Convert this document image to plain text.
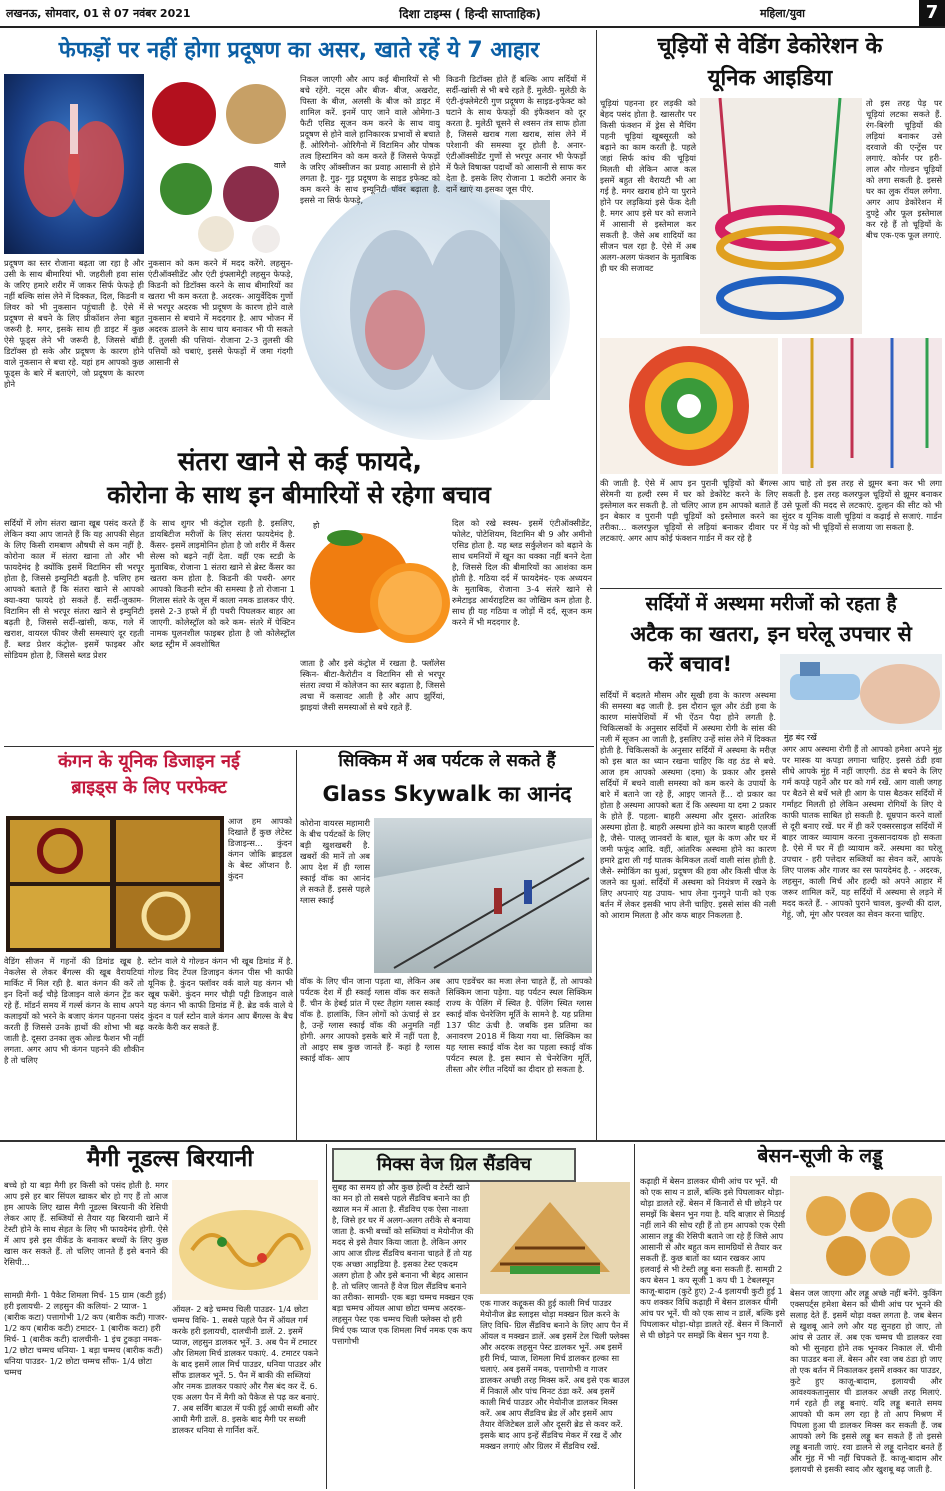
लखनऊ, सोमवार, 01 से 07 नवंबर 2021	दिशा टाइम्स ( हिन्दी साप्ताहिक)	महिला/युवा	7
फेफड़ों पर नहीं होगा प्रदूषण का असर, खाते रहें ये 7 आहार
वाले
प्रदूषण का स्तर रोजाना बढ़ता जा रहा है और उसी के साथ बीमारियां भी. जहरीली हवा सांस के जरिए हमारे शरीर में जाकर सिर्फ फेफड़े ही नहीं बल्कि सांस लेने में दिक्कत, दिल, किडनी व लिवर को भी नुकसान पहुंचाती है. ऐसे में प्रदूषण से बचने के लिए प्रीकॉशन लेना बहुत जरूरी है. मगर, इसके साथ ही डाइट में कुछ ऐसे फूड्स लेने भी जरूरी है, जिससे बॉडी डिटॉक्स हो सके और प्रदूषण के कारण होने वाले नुकसान से बचा रहे. यहां हम आपको कुछ फूड्स के बारे में बताएंगे, जो प्रदूषण के कारण होने
नुकसान को कम करने में मदद करेंगे. लहसुन- एंटीऑक्सीडेंट और एंटी इंफ्लामेट्री लहसुन फेफड़े, किडनी को डिटॉक्स करने के साथ बीमारियों का खतरा भी कम करता है. अदरक- आयुर्वेदिक गुणों से भरपूर अदरक भी प्रदूषण के कारण होने वाले नुकसान से बचाने में मददगार है. आप भोजन में अदरक डालने के साथ चाय बनाकर भी पी सकते हैं. तुलसी की पत्तियां- रोजाना 2-3 तुलसी की पत्तियों को चबाएं, इससे फेफड़ों में जमा गंदगी आसानी से
निकल जाएगी और आप कई बीमारियों से भी बचे रहेंगे. नट्स और बीज- बीज, अखरोट, पिस्ता के बीज, अलसी के बीज को डाइट में शामिल करें. इनमें पाए जाने वाले ओमेगा-3 फैटी एसिड सूजन कम करने के साथ वायु प्रदूषण से होने वाले हानिकारक प्रभावों से बचाते हैं. ओरिगैनो- ओरिगैनो में विटामिन और पोषक तत्व हिस्टामिन को कम करते हैं जिससे फेफड़ों के जरिए ऑक्सीजन का प्रवाह आसानी से होने लगता है. गुड़- गुड़ प्रदूषण के साइड इफेक्ट को कम करने के साथ इम्यूनिटी पॉवर बढ़ाता है. इससे ना सिर्फ फेफड़े,
किडनी डिटॉक्स होते हैं बल्कि आप सर्दियों में सर्दी-खांसी से भी बचे रहते हैं. मुलेठी- मुलेठी के एंटी-इंफ्लेमेटरी गुण प्रदूषण के साइड-इफेक्ट को घटाने के साथ फेफड़ों की इंफैक्शन को दूर करता है. मुलेठी चूसने से श्वसन तंत्र साफ होता है, जिससे खराब गला खराब, सांस लेने में परेशानी की समस्या दूर होती है. अनार- एंटीऑक्सीडेंट गुणों से भरपूर अनार भी फेफड़ों में फैले विषाक्त पदार्थों को आसानी से साफ कर देता है. इसके लिए रोजाना 1 कटोरी अनार के दानें खाएं या इसका जूस पीएं.
संतरा खाने से कई फायदे,
कोरोना के साथ इन बीमारियों से रहेगा बचाव
हो
सर्दियों में लोग संतरा खाना खूब पसंद करते हैं लेकिन क्या आप जानते हैं कि यह आपकी सेहत के लिए किसी रामबाण औषधी से कम नहीं है. कोरोना काल में संतरा खाना तो और भी फायदेमंद है क्योंकि इसमें विटामिन सी भरपूर होता है, जिससे इम्युनिटी बढ़ती है. चलिए हम आपको बताते हैं कि संतरा खाने से आपको क्या-क्या फायदे हो सकते हैं. सर्दी-जुकाम- विटामिन सी से भरपूर संतरा खाने से इम्युनिटी बढ़ती है, जिससे सर्दी-खांसी, कफ, गले में खराश, वायरल फीवर जैसी समस्याएं दूर रहती हैं. ब्लड प्रेशर कंट्रोल- इसमें फाइबर और सोडियम होता है, जिससे ब्लड प्रेशर
के साथ शुगर भी कंट्रोल रहती है. इसलिए, डायबिटीज मरीजों के लिए संतरा फायदेमंद है. कैंसर- इसमें लाइमोनिन होता है जो शरीर में कैंसर सेल्स को बढ़ने नहीं देता. वहीं एक स्टडी के मुताबिक, रोजाना 1 संतरा खाने से ब्रेस्ट कैंसर का खतरा कम होता है. किडनी की पथरी- अगर आपको किडनी स्टोन की समस्या है तो रोजाना 1 गिलास संतरे के जूस में काला नमक डालकर पीएं. इससे 2-3 हफ्ते में ही पथरी पिघलकर बाहर आ जाएगी. कोलेस्ट्रॉल को करे कम- संतरे में पेक्टिन नामक घुलनशील फाइबर होता है जो कोलेस्ट्रॉल ब्लड स्ट्रीम में अवशोषित
जाता है और इसे कंट्रोल में रखता है. फ्लॉलेस स्किन- बीटा-कैरोटीन व विटामिन सी से भरपूर संतरा त्वचा में कोलेजन का स्तर बढ़ाता है, जिससे त्वचा में कसावट आती है और आप झुर्रियां, झाइयां जैसी समस्याओं से बचे रहते हैं.
दिल को रखे स्वस्थ- इसमें एंटीऑक्सीडेंट, फोलेट, पोटेशियम, विटामिन बी 9 और अमीनो एसिड होता है. यह ब्लड सर्कुलेशन को बढ़ाने के साथ धमनियों में खून का थक्का नहीं बनने देता है, जिससे दिल की बीमारियों का आशंका कम होती है. गठिया दर्द में फायदेमंद- एक अध्ययन के मुताबिक, रोजाना 3-4 संतरे खाने से रुमेटाइड आर्थराइटिस का जोखिम कम होता है. साथ ही यह गठिया व जोड़ों में दर्द, सूजन कम करने में भी मददगार है.
कंगन के यूनिक डिजाइन नई
ब्राइड्स के लिए परफेक्ट
आज हम आपको दिखाते हैं कुछ लेटेस्ट डिजाइन्स... कुंदन कंगन जोकि ब्राइडल के बेस्ट ऑप्शन है. कुंदन
वेडिंग सीजन में गहनों की डिमांड खूब है. नेकलेस से लेकर बैंगल्स की खूब वैरायटियां मार्किट में मिल रही है. बात कंगन की करें तो इन दिनों कई चौड़े डिजाइन वाले कंगन ट्रेंड कर रहे हैं. मॉडर्न समय में गर्ल्स कंगन के साथ अपने कलाइयों को भरने के बजाए कंगन पहनना पसंद करती हैं जिससे उनके हाथों की शोभा भी बढ़ जाती है. दूसरा उनका लुक ओल्ड फैशन भी नहीं लगता. अगर आप भी कंगन पहनने की शौकीन है तो चलिए
स्टोन वाले ये गोल्डन कंगन भी खूब डिमांड में है. गोल्ड विद टेंपल डिजाइन कंगन पीस भी काफी यूनिक है. कुंदन फ्लॉवर वर्क वाले यह कंगन भी खूब फबेंगे. कुंदन मगर चौड़ी पट्टी डिजाइन वाले यह कंगन भी काफी डिमांड में है. ब्रेड वर्क वाले ये कुंदन व पर्ल स्टोन वाले कंगन आप बैंगल्स के बैच करके कैरी कर सकते हैं.
सिक्किम में अब पर्यटक ले सकते हैं
Glass Skywalk का आनंद
कोरोना वायरस महामारी के बीच पर्यटकों के लिए बड़ी खुशखबरी है. खबरों की मानें तो अब आप देश में ही ग्लास स्काई वॉक का आनंद ले सकते हैं. इससे पहले ग्लास स्काई
वॉक के लिए चीन जाना पड़ता था, लेकिन अब पर्यटक देश में ही स्काई ग्लास वॉक कर सकते हैं. चीन के हेबई प्रांत में एस्ट तैहांग ग्लास स्काई वॉक है. हालांकि, जिन लोगों को ऊंचाई से डर है, उन्हें ग्लास स्काई वॉक की अनुमति नहीं होगी. अगर आपको इसके बारे में नहीं पता है, तो आइए सब कुछ जानते हैं- कहां है ग्लास स्काई वॉक- आप
आप एडवेंचर का मजा लेना चाहते हैं, तो आपको सिक्किम जाना पड़ेगा. यह पर्यटन स्थल सिक्किम राज्य के पेलिंग में स्थित है. पेलिंग स्थित ग्लास स्काई वॉक चेनरेजिग मूर्ति के सामने है. यह प्रतिमा 137 फीट ऊंची है. जबकि इस प्रतिमा का अनावरण 2018 में किया गया था. सिक्किम का यह ग्लास स्काई वॉक देश का पहला स्काई वॉक पर्यटन स्थल है. इस स्थान से चेनरेजिग मूर्ति, तीस्ता और रंगीत नदियों का दीदार हो सकता है.
चूड़ियों से वेडिंग डेकोरेशन के
यूनिक आइडिया
चूड़ियां पहनना हर लड़की को बेहद पसंद होता है. खासतौर पर किसी फंक्शन में ड्रेस से मैचिंग पहनी चूड़ियां खूबसूरती को बढ़ाने का काम करती है. पहले जहां सिर्फ कांच की चूड़ियां मिलती थी लेकिन आज कल इसमें बहुत सी वैरायटी भी आ गई है. मगर खराब होने या पुराने होने पर लड़कियां इसे फेंक देती है. मगर आप इसे घर को सजाने में आसानी से इस्तेमाल कर सकती है. जैसे अब शादियों का सीजन चल रहा है. ऐसे में अब अलग-अलग फंक्शन के मुताबिक ही घर की सजावट
तो इस तरह पेड़ पर चूड़ियां लटका सकते हैं. रंग-बिरंगी चूड़ियों की लड़ियां बनाकर उसे दरवाजे की एन्ट्रेंस पर लगाएं. कोर्नर पर हरी-लाल और गोल्डन चूड़ियों को लगा सकती है. इससे घर का लुक रॉयल लगेगा. अगर आप डेकोरेशन में दुपट्टे और फूल इस्तेमाल कर रहे हैं तो चूड़ियों के बीच एक-एक फूल लगाएं.
की जाती है. ऐसे में आप इन पुरानी चूड़ियों को बैंगल्स सेरेमनी या हल्दी रस्म में घर को डेकोरेट करने के लिए इस्तेमाल कर सकती है. तो चलिए आज हम आपको बताते हैं इन बेकार व पुरानी पड़ी चूड़ियों को इस्तेमाल करने का तरीका... कलरफुल चूड़ियों से लड़ियां बनाकर दीवार पर लटकाएं. अगर आप कोई फंक्शन गार्डन में कर रहे है
आप चाहे तो इस तरह से झूमर बना कर भी लगा सकती है. इस तरह कलरफुल चूड़ियों से झूमर बनाकर उसे फूलों की मदद से लटकाएं. दुल्हन की सीट को भी सुंदर व यूनिक वाली चूड़ियां व कढ़ाई से सजाएं. गार्डन में पेड़ को भी चूड़ियों से सजाया जा सकता है.
सर्दियों में अस्थमा मरीजों को रहता है
अटैक का खतरा, इन घरेलू उपचार से
करें बचाव!
मुंह बंद रखें
सर्दियों में बदलते मौसम और सूखी हवा के कारण अस्थमा की समस्या बढ़ जाती है. इस दौरान धूल और ठंडी हवा के कारण मांसपेशियों में भी ऐंठन पैदा होने लगती है. चिकित्सकों के अनुसार सर्दियों में अस्थमा रोगी के सांस की नली में सूजन आ जाती है, इसलिए उन्हें सांस लेने में दिक्कत होती है. चिकित्सकों के अनुसार सर्दियों में अस्थमा के मरीज़ को इस बात का ध्यान रखना चाहिए कि वह ठंड से बचे. आज हम आपको अस्थमा (दमा) के प्रकार और इससे सर्दियों में बचने वाली समस्या को कम करने के उपायों के बारे में बताने जा रहे हैं, आइए जानते हैं... दो प्रकार का होता है अस्थमा आपको बता दें कि अस्थमा या दमा 2 प्रकार के होते हैं. पहला- बाहरी अस्थमा और दूसरा- आंतरिक अस्थमा होता है. बाहरी अस्थमा होने का कारण बाहरी एलर्जी है, जैसे- पालतू जानवरों के बाल, धूल के कण और घर में जमी फफूंद आदि. वहीं, आंतरिक अस्थमा होने का कारण हमारे द्वारा ली गई घातक केमिकल तत्वों वाली सांस होती है. जैसे- स्मोकिंग का धुआं, प्रदूषण की हवा और किसी चीज के जलने का धुआं. सर्दियों में अस्थमा को नियंत्रण में रखने के लिए अपनाएं यह उपाय- भाप लेना गुनगुने पानी को एक बर्तन में लेकर इसकी भाप लेनी चाहिए. इससे सांस की नली को आराम मिलता है और कफ बाहर निकलता है.
अगर आप अस्थमा रोगी हैं तो आपको हमेशा अपने मुंह पर मास्क या कपड़ा लगाना चाहिए. इससे ठंडी हवा सीधे आपके मुंह में नहीं जाएगी. ठंड से बचने के लिए गर्म कपड़े पहनें और घर को गर्म रखें. आग वाली जगह पर बैठने से बचें भले ही आग के पास बैठकर सर्दियों में गर्माहट मिलती हो लेकिन अस्थमा रोगियों के लिए ये काफी घातक साबित हो सकती है. धूम्रपान करने वालों से दूरी बनाए रखें. घर में ही करें एक्सरसाइज सर्दियों में बाहर जाकर व्यायाम करना नुकसानदायक हो सकता है. ऐसे में घर में ही व्यायाम करें. अस्थमा का घरेलू उपचार - हरी पत्तेदार सब्जियों का सेवन करें, आपके लिए पालक और गाजर का रस फायदेमंद है. - अदरक, लहसुन, काली मिर्च और हल्दी को अपने आहार में जरूर शामिल करें, यह सर्दियों में अस्थमा से लड़ने में मदद करते हैं. - आपको पुराने चावल, कुल्थी की दाल, गेहूं, जौ, मूंग और परवल का सेवन करना चाहिए.
मैगी नूडल्स बिरयानी
बच्चे हो या बड़ा मैगी हर किसी को पसंद होती है. मगर आप इसे हर बार सिंपल खाकर बोर हो गए हैं तो आज हम आपके लिए खास मैगी नूडल्स बिरयानी की रेसिपी लेकर आए हैं. सब्जियों से तैयार यह बिरयानी खाने में टेस्टी होने के साथ सेहत के लिए भी फायदेमंद होगी. ऐसे में आप इसे इस वीकेंड के बनाकर बच्चों के लिए कुछ खास कर सकते हैं. तो चलिए जानते हैं इसे बनाने की रेसिपी...
सामग्री मैगी- 1 पैकेट शिमला मिर्च- 15 ग्राम (कटी हुई) हरी इलायची- 2 लहसुन की कलियां- 2 प्याज- 1 (बारीक कटा) पत्तागोभी 1/2 कप (बारीक कटी) गाजर- 1/2 कप (बारीक कटी) टमाटर- 1 (बारीक कटा) हरी मिर्च- 1 (बारीक कटी) दालचीनी- 1 इंच टुकड़ा नमक- 1/2 छोटा चम्मच धनिया- 1 बड़ा चम्मच (बारीक कटी) धनिया पाउडर- 1/2 छोटा चम्मच सौंफ- 1/4 छोटा चम्मच
ऑयल- 2 बड़े चम्मच चिली पाउडर- 1/4 छोटा चम्मच विधि- 1. सबसे पहले पैन में ऑयल गर्म करके हरी इलायची, दालचीनी डालें. 2. इसमें प्याज, लहसुन डालकर भूनें. 3. अब पैन में टमाटर और शिमला मिर्च डालकर पकाएं. 4. टमाटर पकने के बाद इसमें लाल मिर्च पाउडर, धनिया पाउडर और सौंफ डालकर भूनें. 5. पैन में बाकी की सब्जियां और नमक डालकर पकाएं और गैस बंद कर दें. 6. एक अलग पैन में मैगी को पैकेज से पढ़ कर बनाएं. 7. अब सर्विंग बाउल में पकी हुई आधी सब्जी और आधी मैगी डालें. 8. इसके बाद मैगी पर सब्जी डालकर धनिया से गार्निश करें.
मिक्स वेज ग्रिल सैंडविच
सुबह का समय हो और कुछ हेल्दी व टेस्टी खाने का मन हो तो सबसे पहले सैंडविच बनाने का ही ख्याल मन में आता है. सैंडविच एक ऐसा नाश्ता है, जिसे हर घर में अलग-अलग तरीके से बनाया जाता है. कभी बच्चों को सब्जियां व मेयोनीज की मदद से इसे तैयार किया जाता है. लेकिन अगर आप आज ग्रील्ड सैंडविच बनाना चाहते हैं तो यह एक अच्छा आइडिया है. इसका टेस्ट एकदम अलग होता है और इसे बनाना भी बेहद आसान है. तो चलिए जानते हैं वेज ग्रिल सैंडविच बनाने का तरीका- सामग्री- एक बड़ा चम्मच मक्खन एक बड़ा चम्मच ऑयल आधा छोटा चम्मच अदरक-लहसुन पेस्ट एक चम्मच चिली फ्लेक्स दो हरी मिर्च एक प्याज एक शिमला मिर्च नमक एक कप पत्तागोभी
एक गाजर कद्दूकस की हुई काली मिर्च पाउडर मेयोनीज ब्रेड स्लाइस थोड़ा मक्खन ग्रिल करने के लिए विधि- ग्रिल सैंडविच बनाने के लिए आप पैन में ऑयल व मक्खन डालें. अब इसमें टेल चिली फ्लेक्स और अदरक लहसुन पेस्ट डालकर भूनें. अब इसमें हरी मिर्च, प्याज, शिमला मिर्च डालकर हल्का सा चलाएं. अब इसमें नमक, पत्तागोभी व गाजर डालकर अच्छी तरह मिक्स करें. अब इसे एक बाउल में निकालें और पांच मिनट ठंडा करें. अब इसमें काली मिर्च पाउडर और मेयोनीज डालकर मिक्स करें. अब आप सैंडविच ब्रेड लें और इसमें आप तैयार वेजिटेबल डालें और दूसरी ब्रेड से कवर करें. इसके बाद आप इन्हें सैंडविच मेकर में रख दें और मक्खन लगाएं और ग्रिलर में सैंडविच रखें.
बेसन-सूजी के लड्डू
कढ़ाही में बेसन डालकर धीमी आंच पर भूनें. थी को एक साथ न डालें, बल्कि इसे पिघलाकर थोड़ा-थोड़ा डालते रहें. बेसन में किनारों से घी छोड़ने पर समझें कि बेसन भुन गया है. यदि बाज़ार से मिठाई नहीं लाने की सोच रही हैं तो हम आपको एक ऐसी आसान लड्डू की रेसिपी बताने जा रहे हैं जिसे आप आसानी से और बहुत कम सामग्रियों से तैयार कर सकती हैं. कुछ बातों का ध्यान रखकर आप हलवाई से भी टेस्टी लड्डू बना सकती हैं. सामग्री 2 कप बेसन 1 कप सूजी 1 कप घी 1 टेबलस्पून काजू-बादाम (कुटे हुए) 2-4 इलायची कुटी हुई 1 कप शक्कर विधि कढ़ाही में बेसन डालकर धीमी आंच पर भूनें. घी को एक साथ न डालें, बल्कि इसे पिघलाकर थोड़ा-थोड़ा डालते रहें. बेसन में किनारों से घी छोड़ने पर समझें कि बेसन भुन गया है.
बेसन जल जाएगा और लड्डू अच्छे नहीं बनेंगे. कुकिंग एक्सपर्ट्स हमेशा बेसन को धीमी आंच पर भूनने की सलाह देते हैं. इसमें थोड़ा वक्त लगता है. जब बेसन से खुशबू आने लगे और यह सुनहरा हो जाए, तो आंच से उतार लें. अब एक चम्मच घी डालकर रवा को भी सुनहरा होने तक भूनकर निकाल लें. चीनी का पाउडर बना लें. बेसन और रवा जब ठंडा हो जाए तो एक बर्तन में निकालकर इसमें शक्कर का पाउडर, कुटे हुए काजू-बादाम, इलायची और आवश्यकतानुसार घी डालकर अच्छी तरह मिलाएं. गर्म रहते ही लड्डू बनाएं. यदि लड्डू बनाते समय आपको घी कम लग रहा है तो आप मिश्रण में पिघला हुआ घी डालकर मिक्स कर सकती हैं. जब आपको लगे कि इससे लड्डू बन सकते हैं तो इससे लड्डू बनाती जाएं. रवा डालने से लड्डू दानेदार बनते हैं और मुंह में भी नहीं चिपकते हैं. काजू-बादाम और इलायची से इसकी स्वाद और खुशबू बढ़ जाती है.
